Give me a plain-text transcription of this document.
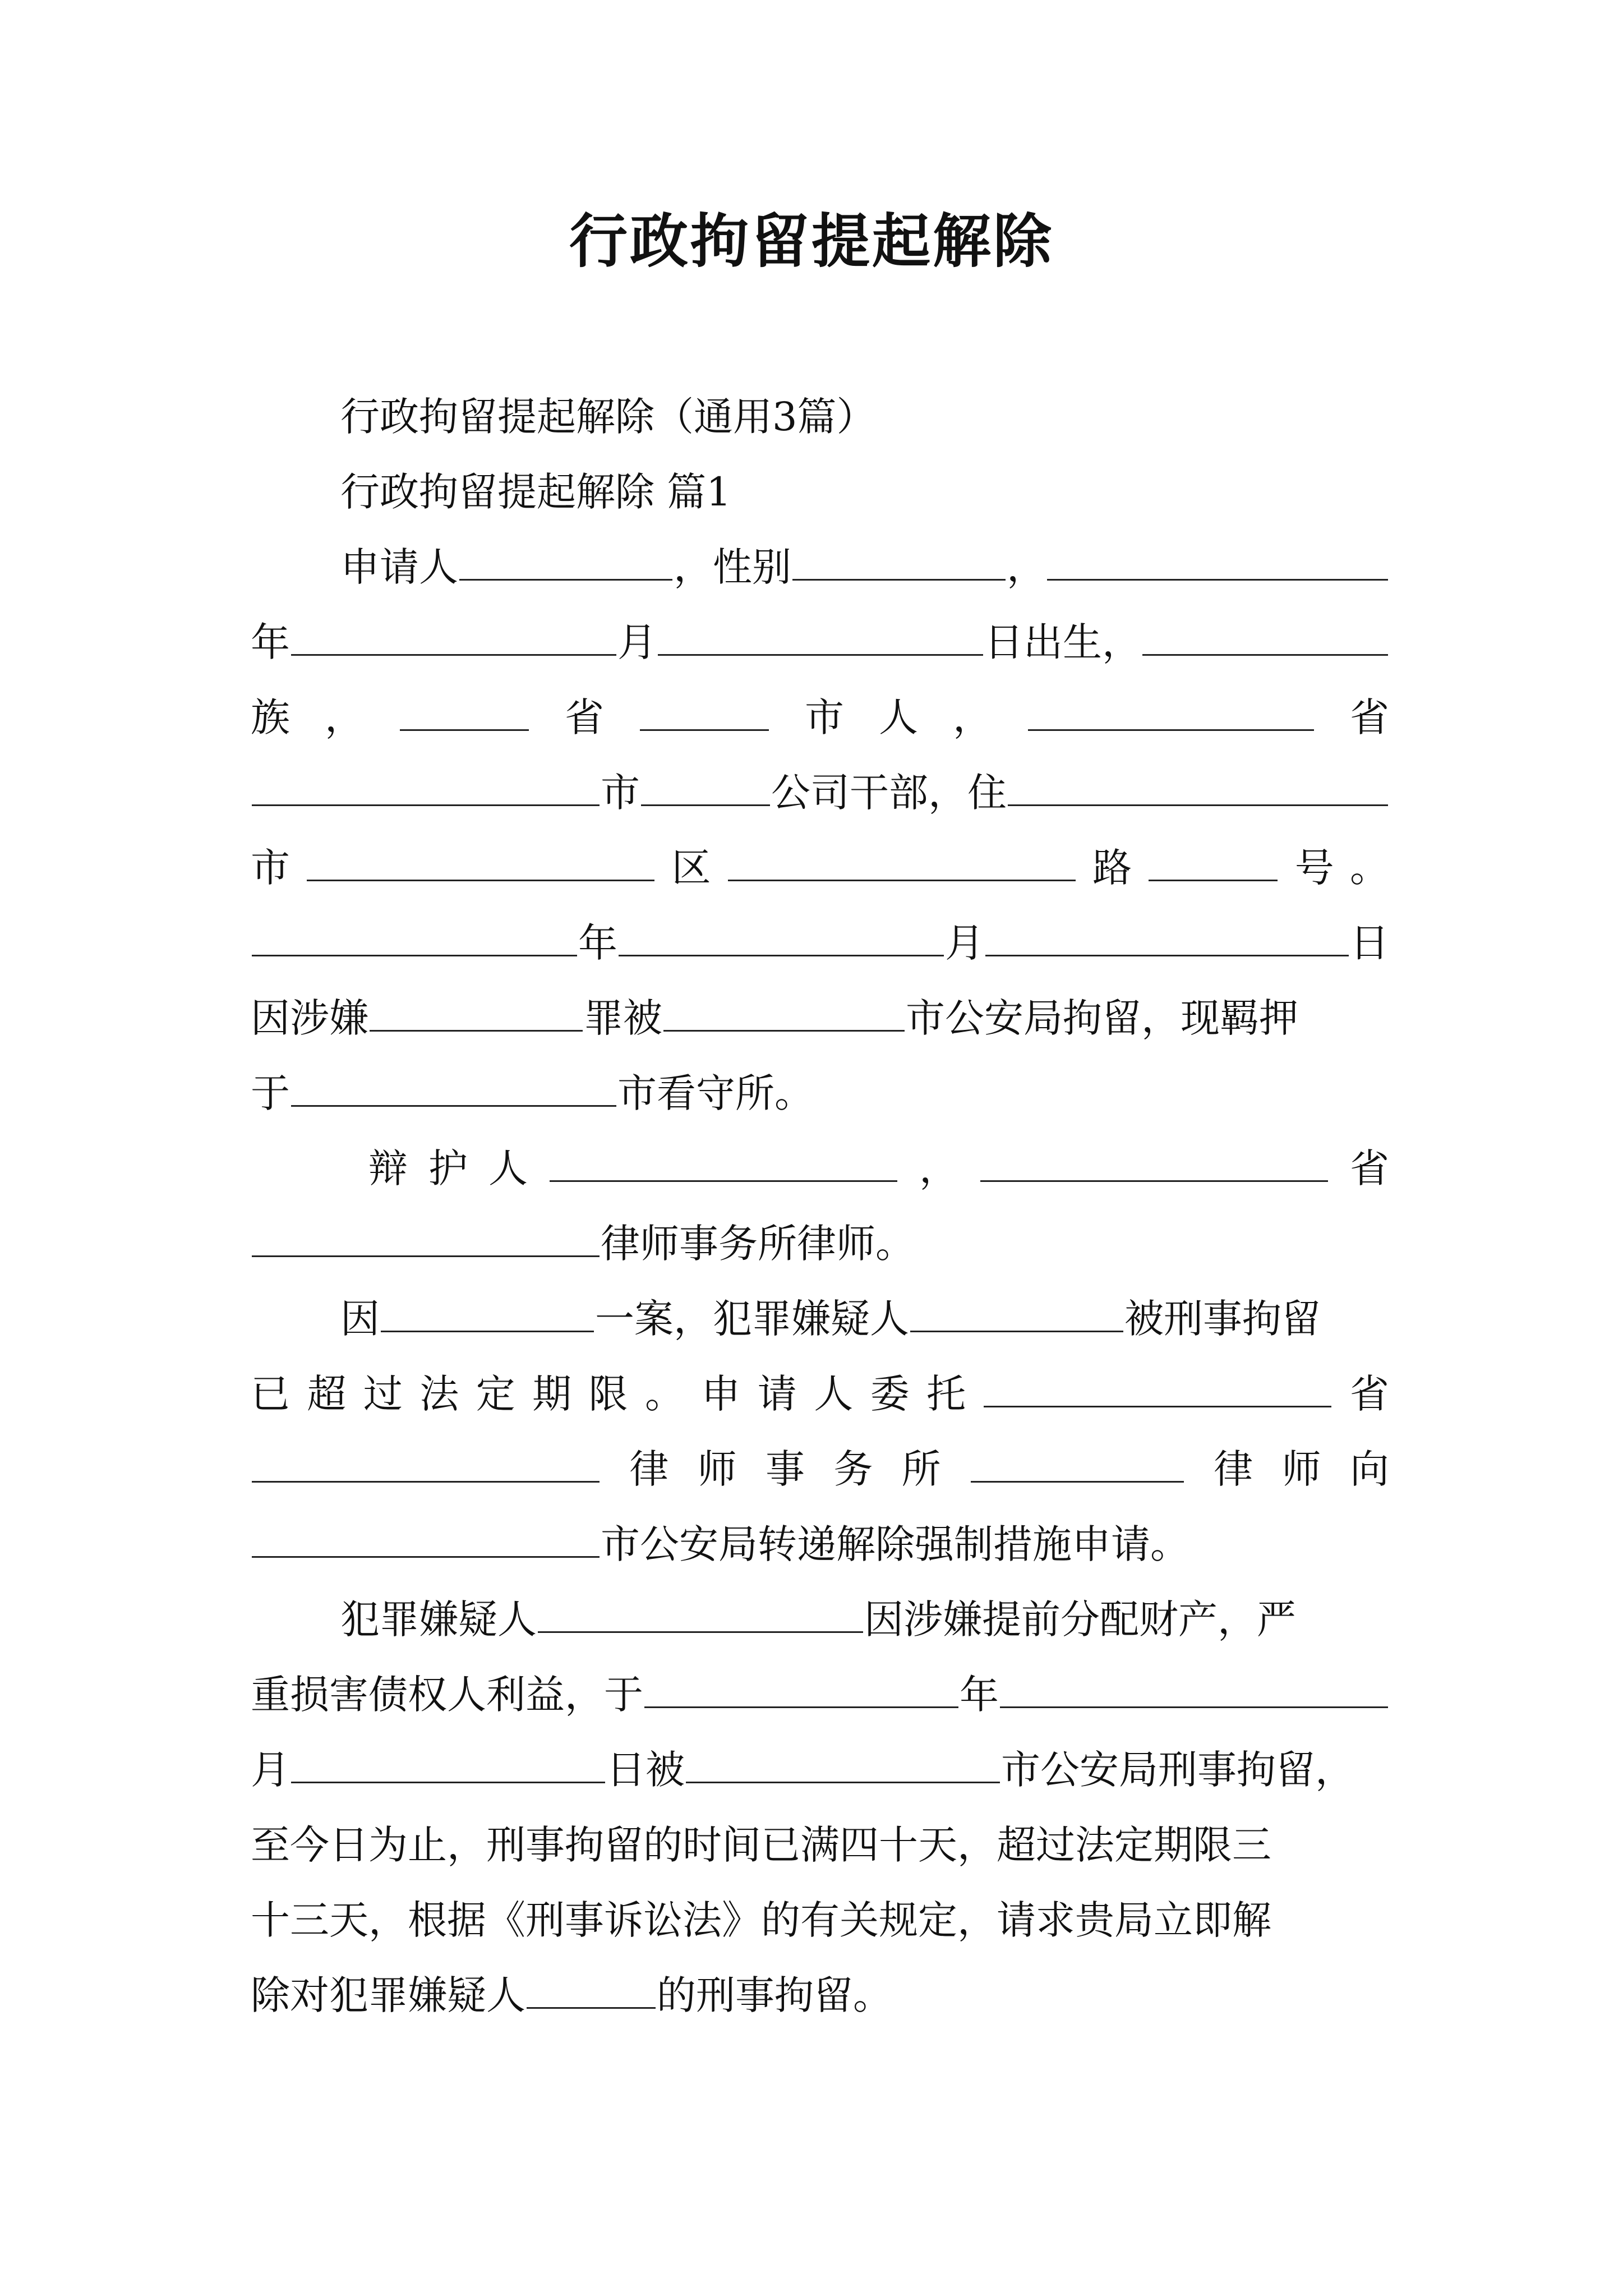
行政拘留提起解除
行政拘留提起解除（通用3篇）
行政拘留提起解除 篇1
申请人	，性别	，
年	月	日出生，
族 ，	省	市 人 ，	省
市	公司干部，住
市	区	路	号 。
年	月	日
因涉嫌	罪被	市公安局拘留，现羁押
于	市看守所。
辩 护 人	，	省
律师事务所律师。
因	一案，犯罪嫌疑人	被刑事拘留
已 超 过 法 定 期 限 。 申 请 人 委 托	省
律 师 事 务 所	律 师 向
市公安局转递解除强制措施申请。
犯罪嫌疑人	因涉嫌提前分配财产，严
重损害债权人利益，于	年
月	日被	市公安局刑事拘留，
至今日为止，刑事拘留的时间已满四十天，超过法定期限三
十三天，根据《刑事诉讼法》的有关规定，请求贵局立即解
除对犯罪嫌疑人	的刑事拘留。
